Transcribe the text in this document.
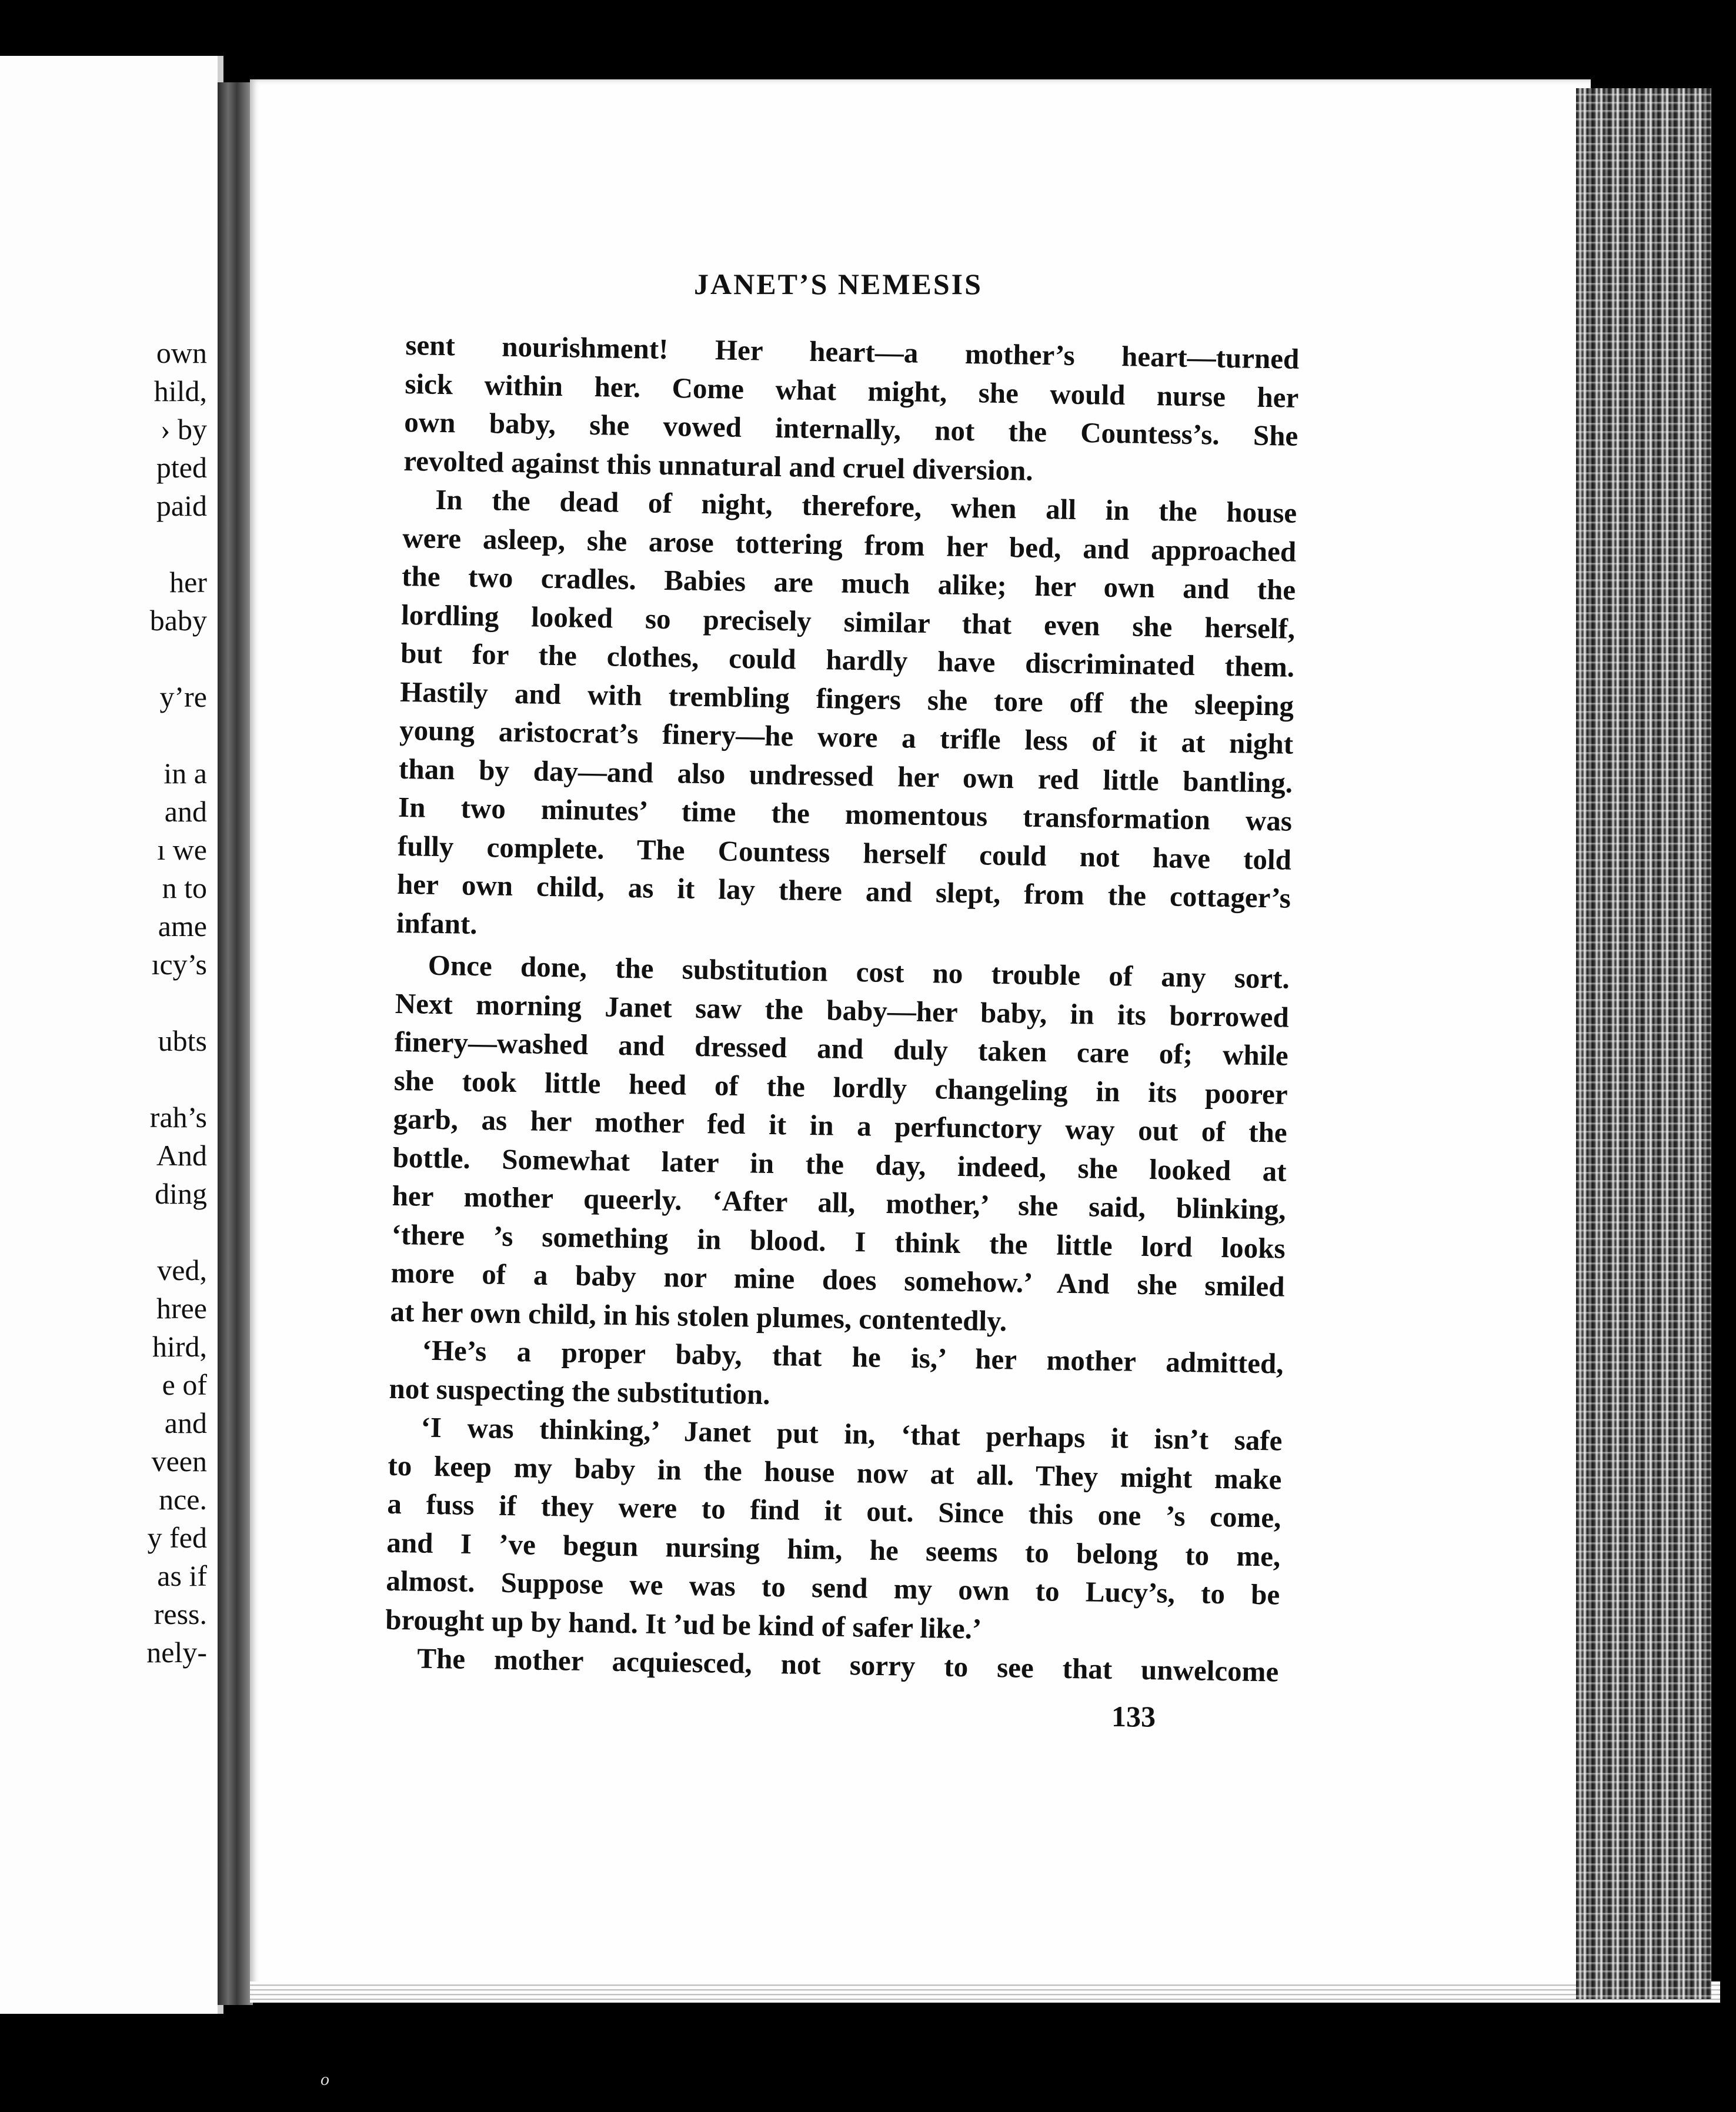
own
hild,
› by
pted
paid
her
baby
y’re
in a
and
ı we
n to
ame
ıcy’s
ubts
rah’s
And
ding
ved,
hree
hird,
e of
and
veen
nce.
y fed
as if
ress.
nely-
JANET’S NEMESIS
sent nourishment! Her heart—a mother’s heart—turned
sick within her. Come what might, she would nurse her
own baby, she vowed internally, not the Countess’s. She
revolted against this unnatural and cruel diversion.
In the dead of night, therefore, when all in the house
were asleep, she arose tottering from her bed, and approached
the two cradles. Babies are much alike; her own and the
lordling looked so precisely similar that even she herself,
but for the clothes, could hardly have discriminated them.
Hastily and with trembling fingers she tore off the sleeping
young aristocrat’s finery—he wore a trifle less of it at night
than by day—and also undressed her own red little bantling.
In two minutes’ time the momentous transformation was
fully complete. The Countess herself could not have told
her own child, as it lay there and slept, from the cottager’s
infant.
Once done, the substitution cost no trouble of any sort.
Next morning Janet saw the baby—her baby, in its borrowed
finery—washed and dressed and duly taken care of; while
she took little heed of the lordly changeling in its poorer
garb, as her mother fed it in a perfunctory way out of the
bottle. Somewhat later in the day, indeed, she looked at
her mother queerly. ‘After all, mother,’ she said, blinking,
‘there ’s something in blood. I think the little lord looks
more of a baby nor mine does somehow.’ And she smiled
at her own child, in his stolen plumes, contentedly.
‘He’s a proper baby, that he is,’ her mother admitted,
not suspecting the substitution.
‘I was thinking,’ Janet put in, ‘that perhaps it isn’t safe
to keep my baby in the house now at all. They might make
a fuss if they were to find it out. Since this one ’s come,
and I ’ve begun nursing him, he seems to belong to me,
almost. Suppose we was to send my own to Lucy’s, to be
brought up by hand. It ’ud be kind of safer like.’
The mother acquiesced, not sorry to see that unwelcome
133
o
